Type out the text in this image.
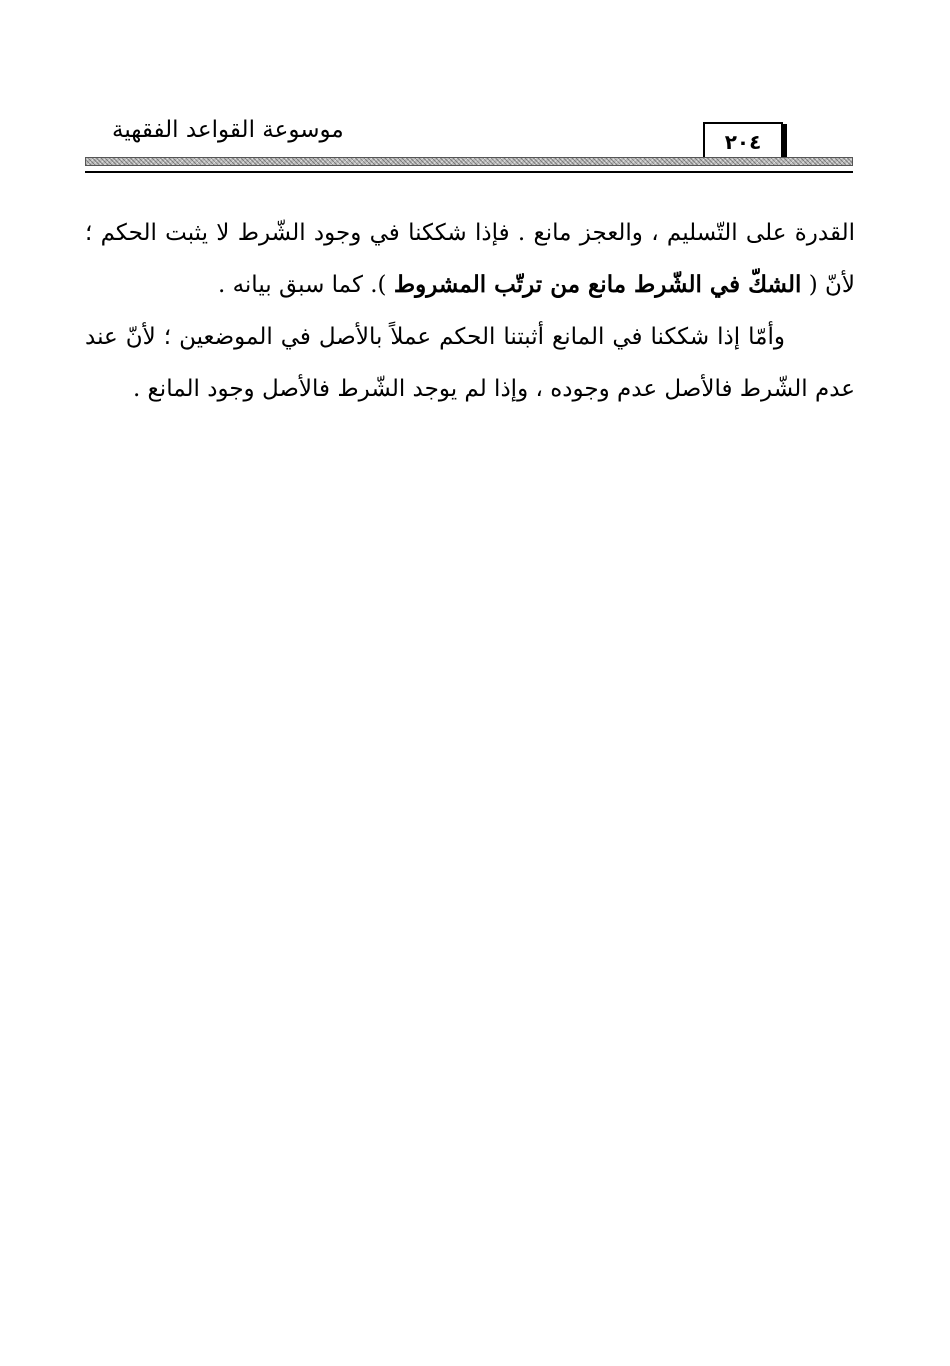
٢٠٤
موسوعة القواعد الفقهية

القدرة على التّسليم ، والعجز مانع . فإذا شككنا في وجود الشّرط لا يثبت الحكم ؛ لأنّ ( الشكّ في الشّرط مانع من ترتّب المشروط ). كما سبق بيانه .

وأمّا إذا شككنا في المانع أثبتنا الحكم عملاً بالأصل في الموضعين ؛ لأنّ عند عدم الشّرط فالأصل عدم وجوده ، وإذا لم يوجد الشّرط فالأصل وجود المانع .
